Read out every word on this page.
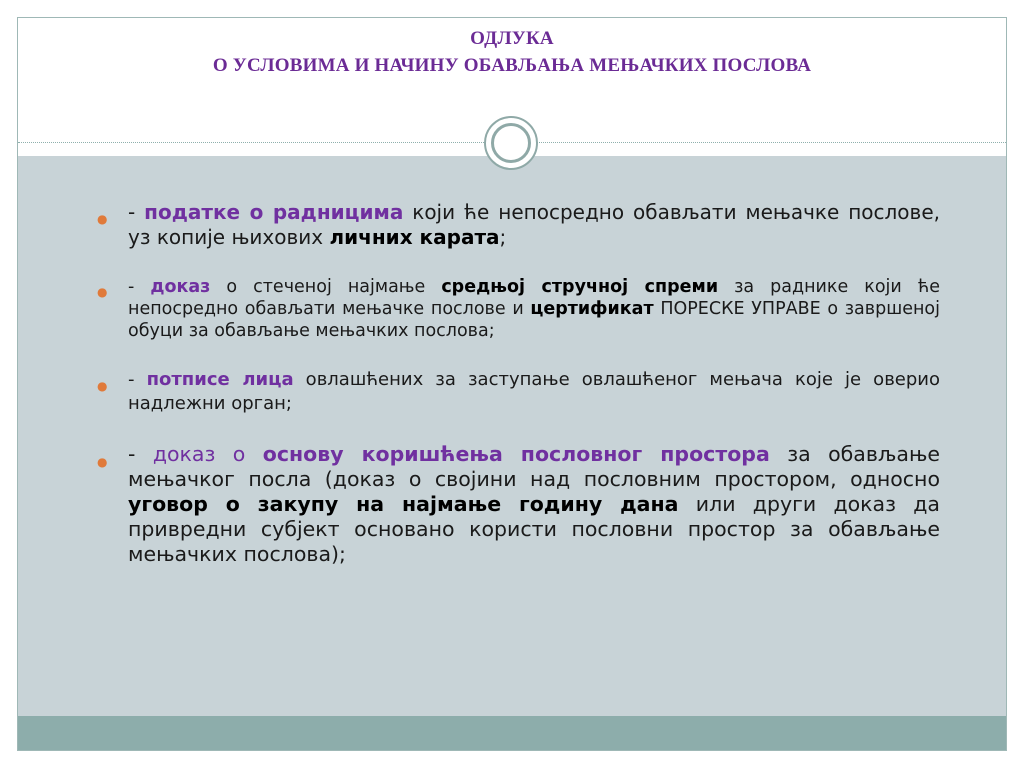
ОДЛУКА
О УСЛОВИМА И НАЧИНУ ОБАВЉАЊА МЕЊАЧКИХ ПОСЛОВА
● - податке о радницима који ће непосредно обављати мењачке послове, уз копије њихових личних карата;
● - доказ о стеченој најмање средњој стручној спреми за раднике који ће непосредно обављати мењачке послове и цертификат ПОРЕСКЕ УПРАВЕ о завршеној обуци за обављање мењачких послова;
● - потписе лица овлашћених за заступање овлашћеног мењача које је оверио надлежни орган;
● - доказ о основу коришћења пословног простора за обављање мењачког посла (доказ о својини над пословним простором, односно уговор о закупу на најмање годину дана или други доказ да привредни субјект основано користи пословни простор за обављање мењачких послова);
